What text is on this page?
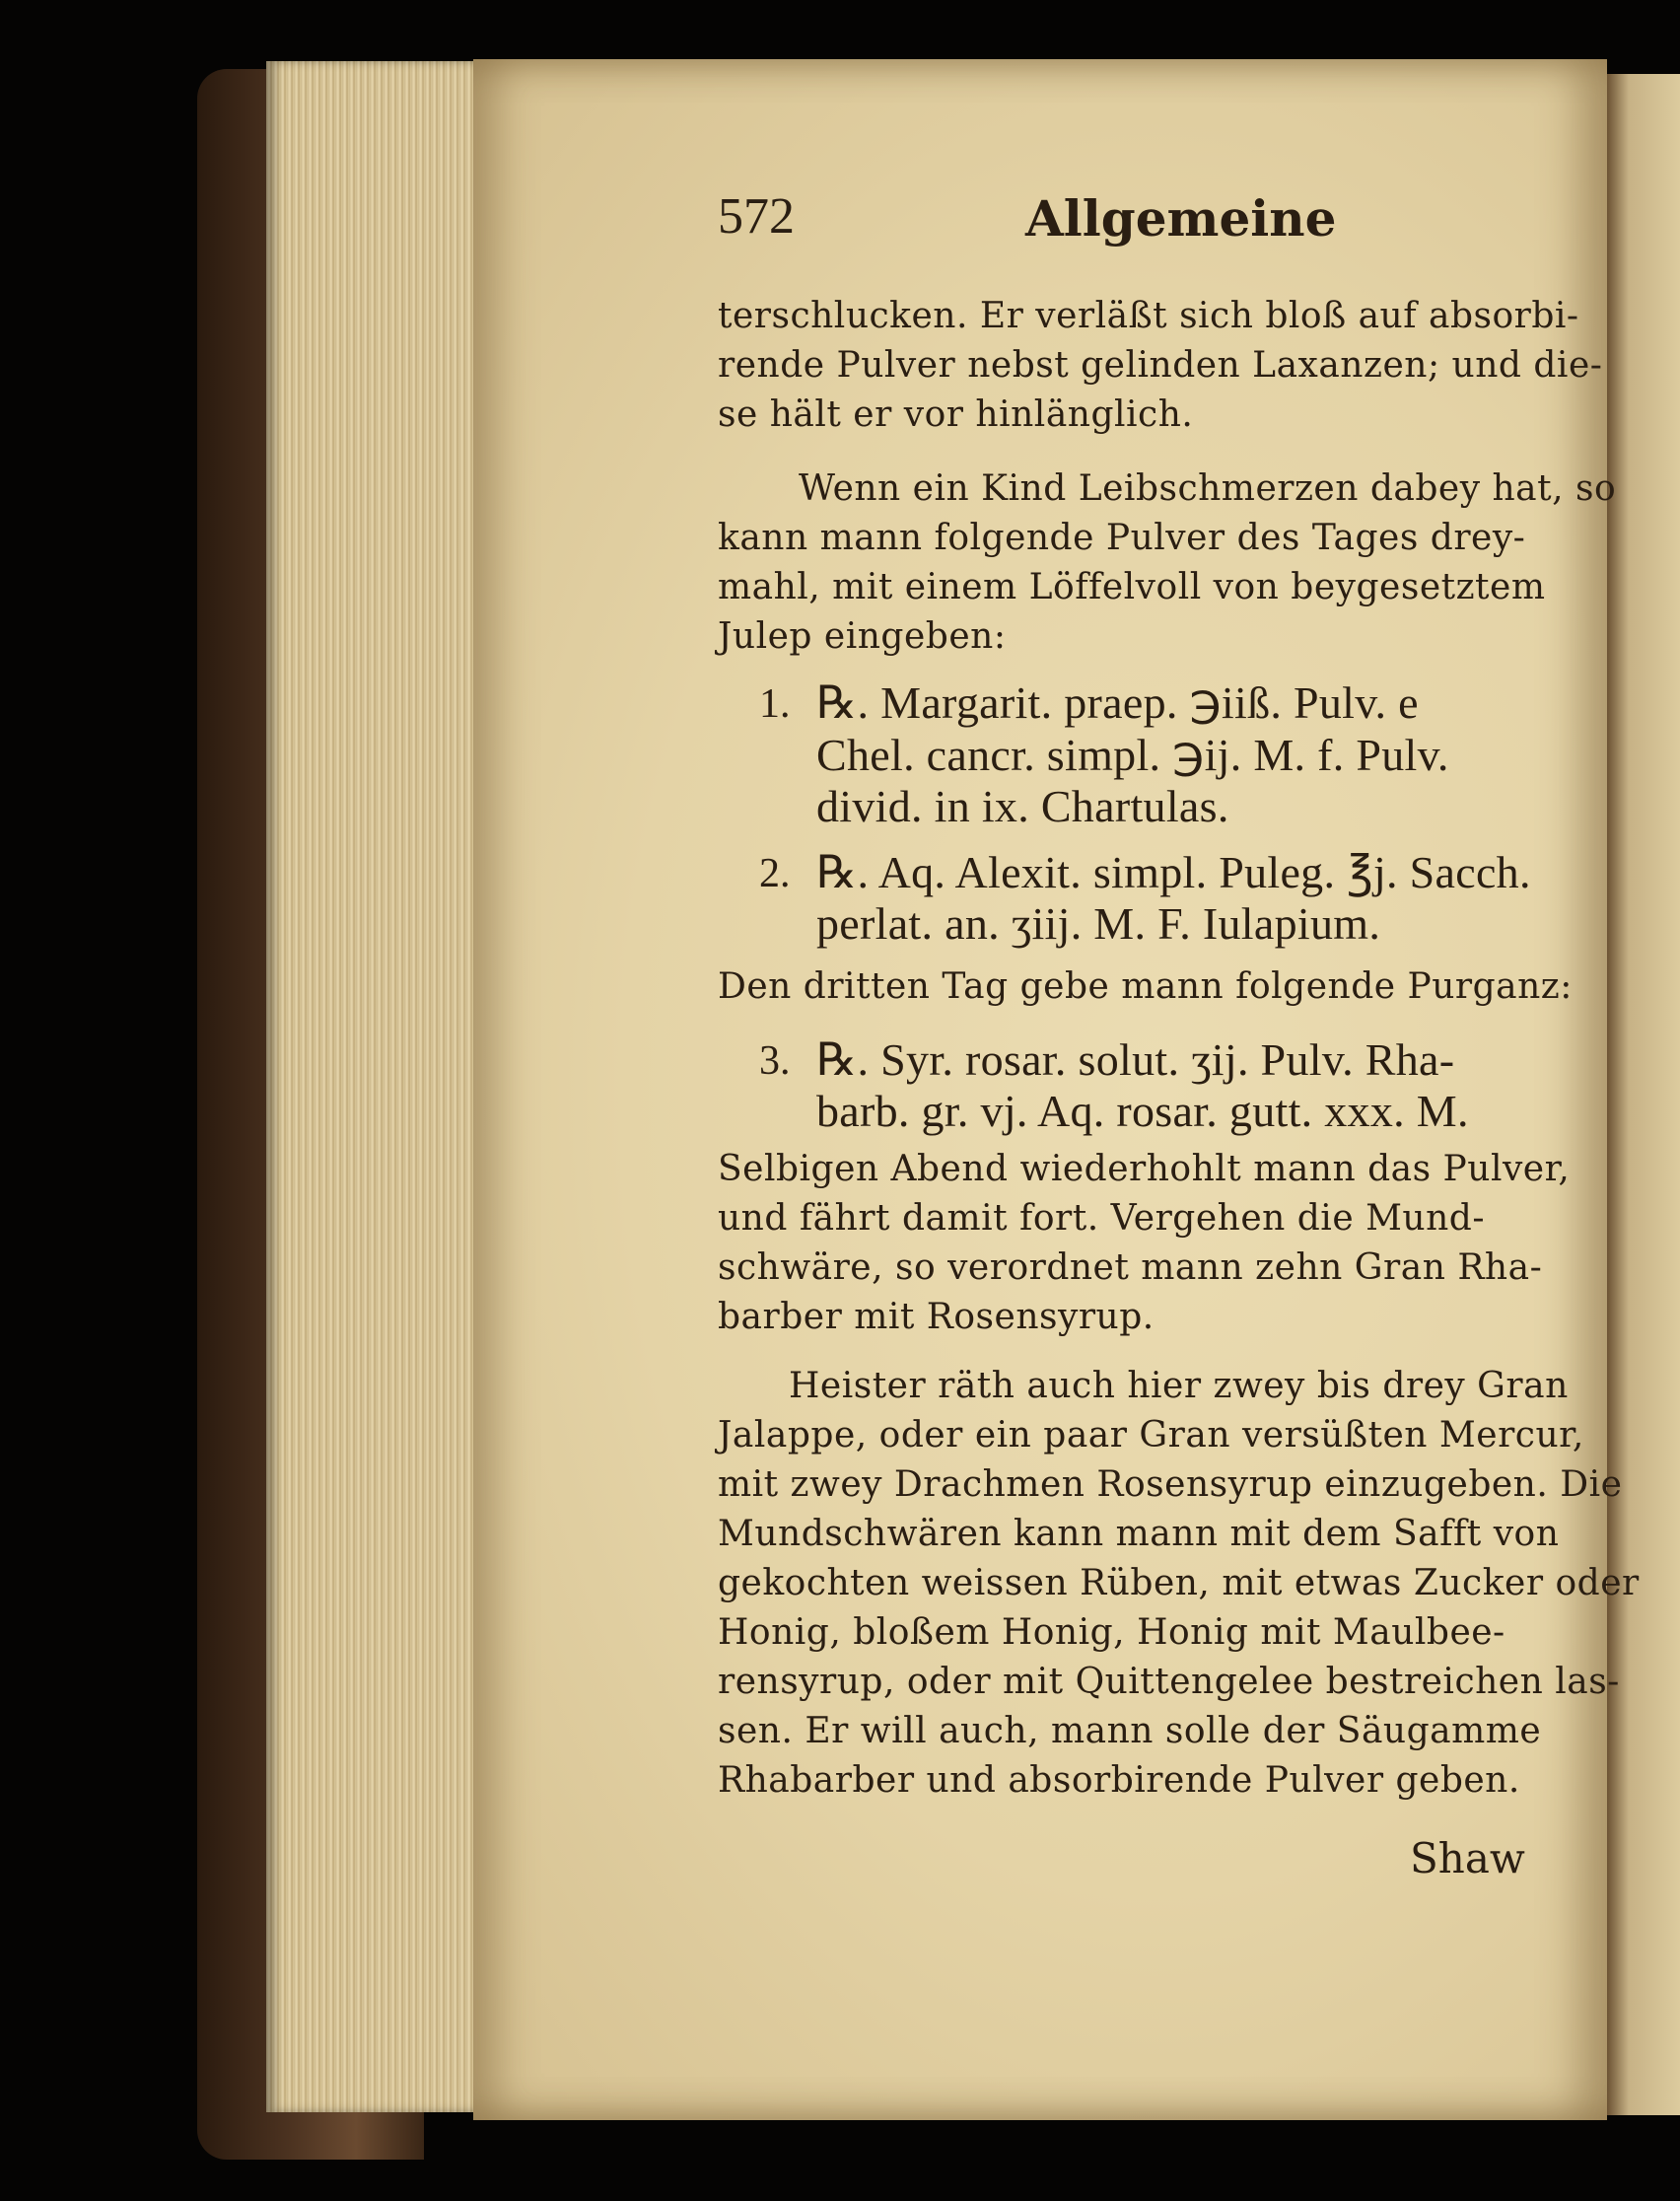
572	Allgemeine
terschlucken. Er verläßt sich bloß auf absorbi-
rende Pulver nebst gelinden Laxanzen; und die-
se hält er vor hinlänglich.
Wenn ein Kind Leibschmerzen dabey hat, so
kann mann folgende Pulver des Tages drey-
mahl, mit einem Löffelvoll von beygesetztem
Julep eingeben:
1. ℞. Margarit. praep. ℈iiß. Pulv. e
Chel. cancr. simpl. ℈ij. M. f. Pulv.
divid. in ix. Chartulas.
2. ℞. Aq. Alexit. simpl. Puleg. ℥j. Sacch.
perlat. an. ʒiij. M. F. Iulapium.
Den dritten Tag gebe mann folgende Purganz:
3. ℞. Syr. rosar. solut. ʒij. Pulv. Rha-
barb. gr. vj. Aq. rosar. gutt. xxx. M.
Selbigen Abend wiederhohlt mann das Pulver,
und fährt damit fort. Vergehen die Mund-
schwäre, so verordnet mann zehn Gran Rha-
barber mit Rosensyrup.
Heister räth auch hier zwey bis drey Gran
Jalappe, oder ein paar Gran versüßten Mercur,
mit zwey Drachmen Rosensyrup einzugeben. Die
Mundschwären kann mann mit dem Safft von
gekochten weissen Rüben, mit etwas Zucker oder
Honig, bloßem Honig, Honig mit Maulbee-
rensyrup, oder mit Quittengelee bestreichen las-
sen. Er will auch, mann solle der Säugamme
Rhabarber und absorbirende Pulver geben.
Shaw
